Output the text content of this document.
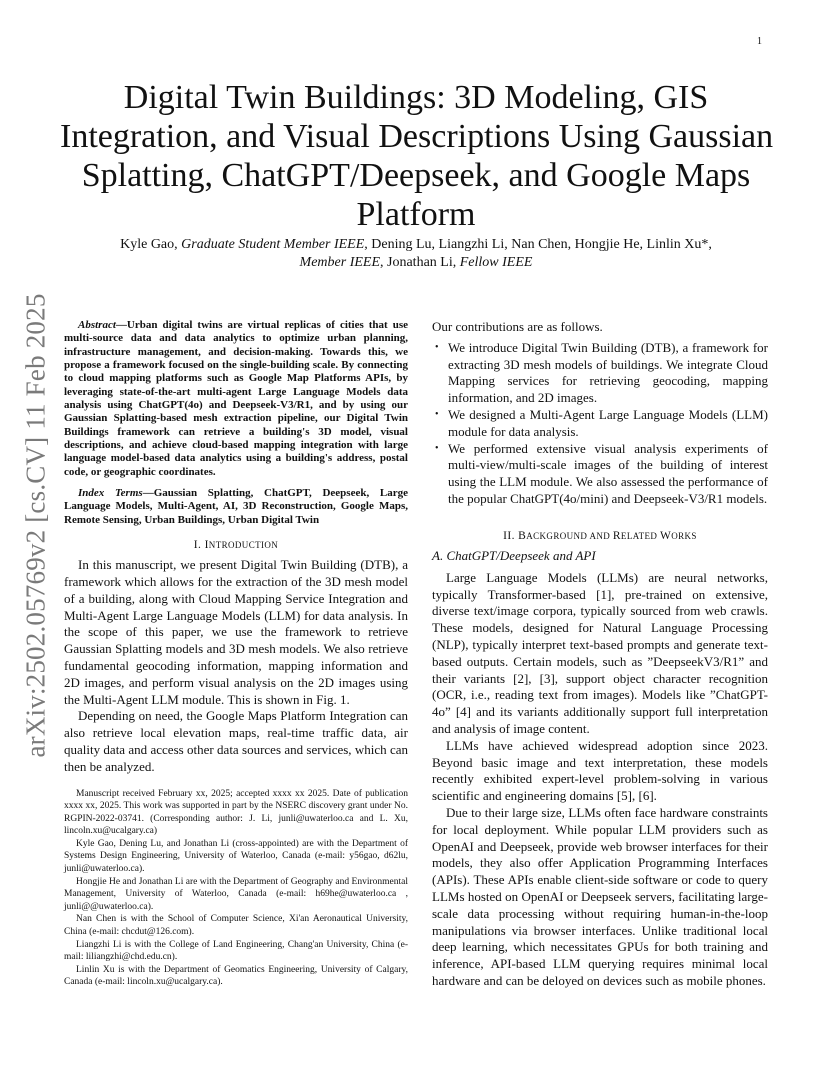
1
arXiv:2502.05769v2 [cs.CV] 11 Feb 2025
Digital Twin Buildings: 3D Modeling, GIS
Integration, and Visual Descriptions Using Gaussian
Splatting, ChatGPT/Deepseek, and Google Maps
Platform
Kyle Gao, Graduate Student Member IEEE, Dening Lu, Liangzhi Li, Nan Chen, Hongjie He, Linlin Xu*,
Member IEEE, Jonathan Li, Fellow IEEE

Abstract—Urban digital twins are virtual replicas of cities that use multi-source data and data analytics to optimize urban planning, infrastructure management, and decision-making. Towards this, we propose a framework focused on the single-building scale. By connecting to cloud mapping platforms such as Google Map Platforms APIs, by leveraging state-of-the-art multi-agent Large Language Models data analysis using ChatGPT(4o) and Deepseek-V3/R1, and by using our Gaussian Splatting-based mesh extraction pipeline, our Digital Twin Buildings framework can retrieve a building's 3D model, visual descriptions, and achieve cloud-based mapping integration with large language model-based data analytics using a building's address, postal code, or geographic coordinates.

Index Terms—Gaussian Splatting, ChatGPT, Deepseek, Large Language Models, Multi-Agent, AI, 3D Reconstruction, Google Maps, Remote Sensing, Urban Buildings, Urban Digital Twin

I. INTRODUCTION

In this manuscript, we present Digital Twin Building (DTB), a framework which allows for the extraction of the 3D mesh model of a building, along with Cloud Mapping Service Integration and Multi-Agent Large Language Models (LLM) for data analysis. In the scope of this paper, we use the framework to retrieve Gaussian Splatting models and 3D mesh models. We also retrieve fundamental geocoding information, mapping information and 2D images, and perform visual analysis on the 2D images using the Multi-Agent LLM module. This is shown in Fig. 1.

Depending on need, the Google Maps Platform Integration can also retrieve local elevation maps, real-time traffic data, air quality data and access other data sources and services, which can then be analyzed.

Manuscript received February xx, 2025; accepted xxxx xx 2025. Date of publication xxxx xx, 2025. This work was supported in part by the NSERC discovery grant under No. RGPIN-2022-03741. (Corresponding author: J. Li, junli@uwaterloo.ca and L. Xu, lincoln.xu@ucalgary.ca)

Kyle Gao, Dening Lu, and Jonathan Li (cross-appointed) are with the Department of Systems Design Engineering, University of Waterloo, Canada (e-mail: y56gao, d62lu, junli@uwaterloo.ca).

Hongjie He and Jonathan Li are with the Department of Geography and Environmental Management, University of Waterloo, Canada (e-mail: h69he@uwaterloo.ca , junli@@uwaterloo.ca).

Nan Chen is with the School of Computer Science, Xi'an Aeronautical University, China (e-mail: chcdut@126.com).

Liangzhi Li is with the College of Land Engineering, Chang'an University, China (e-mail: liliangzhi@chd.edu.cn).

Linlin Xu is with the Department of Geomatics Engineering, University of Calgary, Canada (e-mail: lincoln.xu@ucalgary.ca).

Our contributions are as follows.

• We introduce Digital Twin Building (DTB), a framework for extracting 3D mesh models of buildings. We integrate Cloud Mapping services for retrieving geocoding, mapping information, and 2D images.
• We designed a Multi-Agent Large Language Models (LLM) module for data analysis.
• We performed extensive visual analysis experiments of multi-view/multi-scale images of the building of interest using the LLM module. We also assessed the performance of the popular ChatGPT(4o/mini) and Deepseek-V3/R1 models.
II. BACKGROUND AND RELATED WORKS
A. ChatGPT/Deepseek and API

Large Language Models (LLMs) are neural networks, typically Transformer-based [1], pre-trained on extensive, diverse text/image corpora, typically sourced from web crawls. These models, designed for Natural Language Processing (NLP), typically interpret text-based prompts and generate text-based outputs. Certain models, such as ”DeepseekV3/R1” and their variants [2], [3], support object character recognition (OCR, i.e., reading text from images). Models like ”ChatGPT-4o” [4] and its variants additionally support full interpretation and analysis of image content.

LLMs have achieved widespread adoption since 2023. Beyond basic image and text interpretation, these models recently exhibited expert-level problem-solving in various scientific and engineering domains [5], [6].

Due to their large size, LLMs often face hardware constraints for local deployment. While popular LLM providers such as OpenAI and Deepseek, provide web browser interfaces for their models, they also offer Application Programming Interfaces (APIs). These APIs enable client-side software or code to query LLMs hosted on OpenAI or Deepseek servers, facilitating large-scale data processing without requiring human-in-the-loop manipulations via browser interfaces. Unlike traditional local deep learning, which necessitates GPUs for both training and inference, API-based LLM querying requires minimal local hardware and can be deloyed on devices such as mobile phones.
